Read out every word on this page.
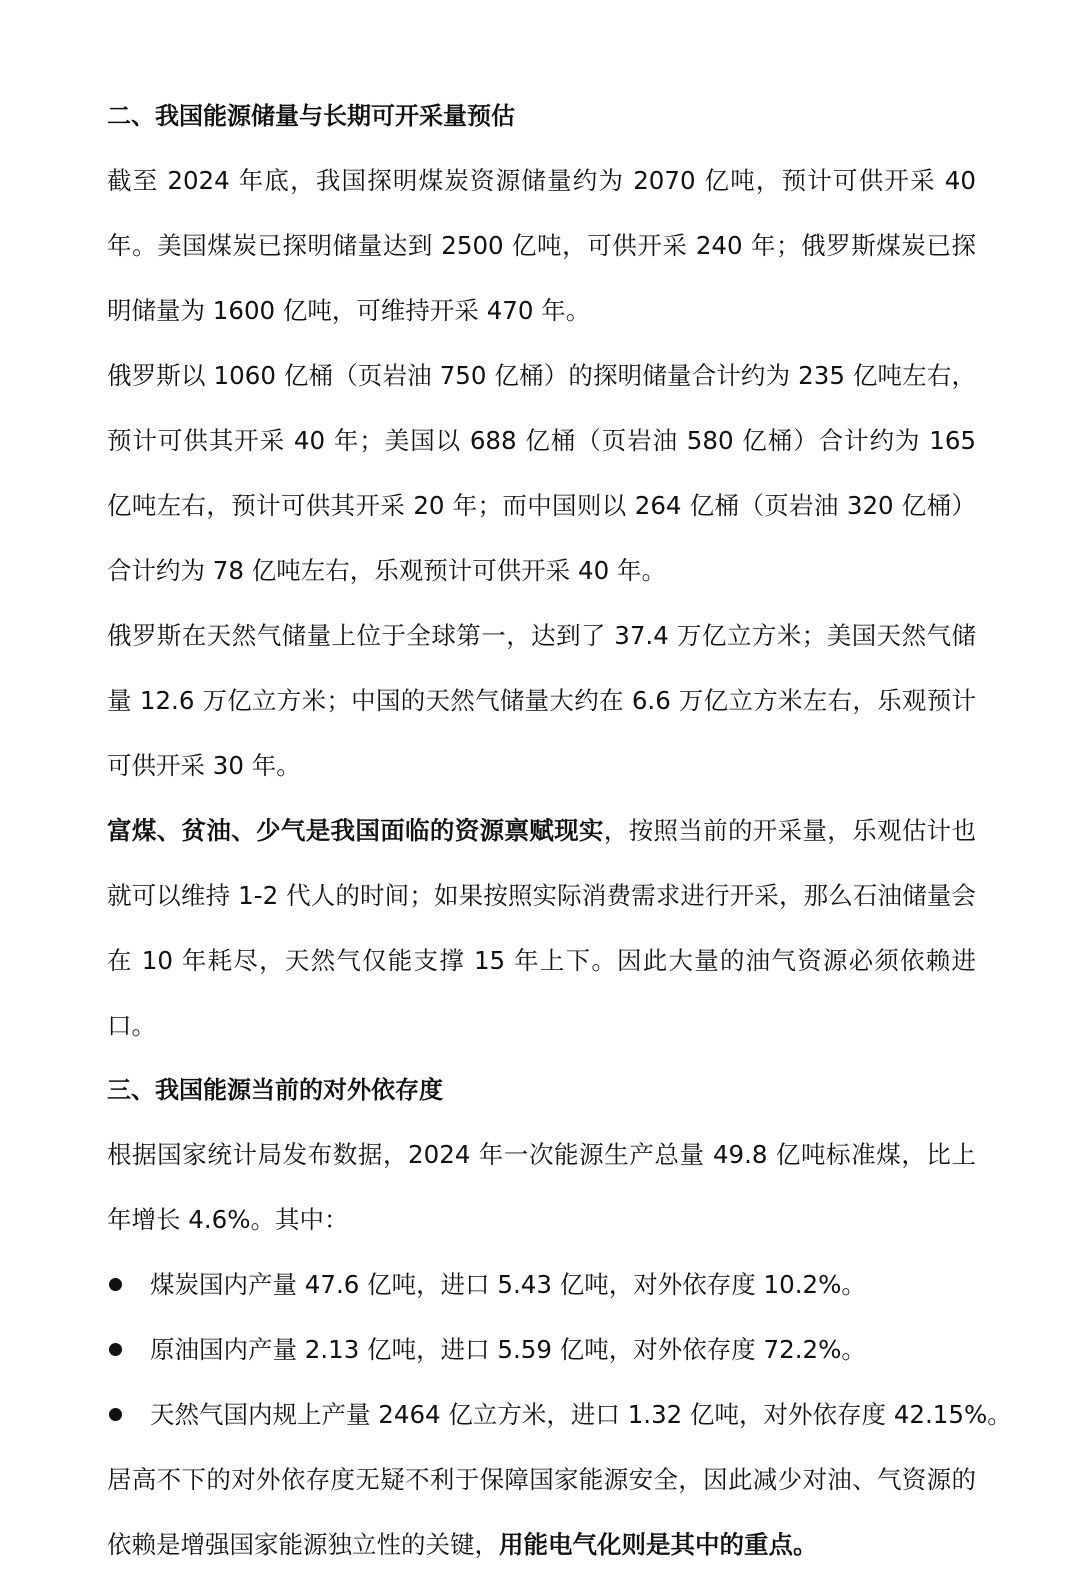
二、我国能源储量与长期可开采量预估

截至 2024 年底，我国探明煤炭资源储量约为 2070 亿吨，预计可供开采 40 年。美国煤炭已探明储量达到 2500 亿吨，可供开采 240 年；俄罗斯煤炭已探明储量为 1600 亿吨，可维持开采 470 年。

俄罗斯以 1060 亿桶（页岩油 750 亿桶）的探明储量合计约为 235 亿吨左右，预计可供其开采 40 年；美国以 688 亿桶（页岩油 580 亿桶）合计约为 165 亿吨左右，预计可供其开采 20 年；而中国则以 264 亿桶（页岩油 320 亿桶）合计约为 78 亿吨左右，乐观预计可供开采 40 年。

俄罗斯在天然气储量上位于全球第一，达到了 37.4 万亿立方米；美国天然气储量 12.6 万亿立方米；中国的天然气储量大约在 6.6 万亿立方米左右，乐观预计可供开采 30 年。

富煤、贫油、少气是我国面临的资源禀赋现实，按照当前的开采量，乐观估计也就可以维持 1-2 代人的时间；如果按照实际消费需求进行开采，那么石油储量会在 10 年耗尽，天然气仅能支撑 15 年上下。因此大量的油气资源必须依赖进口。

三、我国能源当前的对外依存度

根据国家统计局发布数据，2024 年一次能源生产总量 49.8 亿吨标准煤，比上年增长 4.6%。其中：

煤炭国内产量 47.6 亿吨，进口 5.43 亿吨，对外依存度 10.2%。
原油国内产量 2.13 亿吨，进口 5.59 亿吨，对外依存度 72.2%。
天然气国内规上产量 2464 亿立方米，进口 1.32 亿吨，对外依存度 42.15%。

居高不下的对外依存度无疑不利于保障国家能源安全，因此减少对油、气资源的依赖是增强国家能源独立性的关键，用能电气化则是其中的重点。
